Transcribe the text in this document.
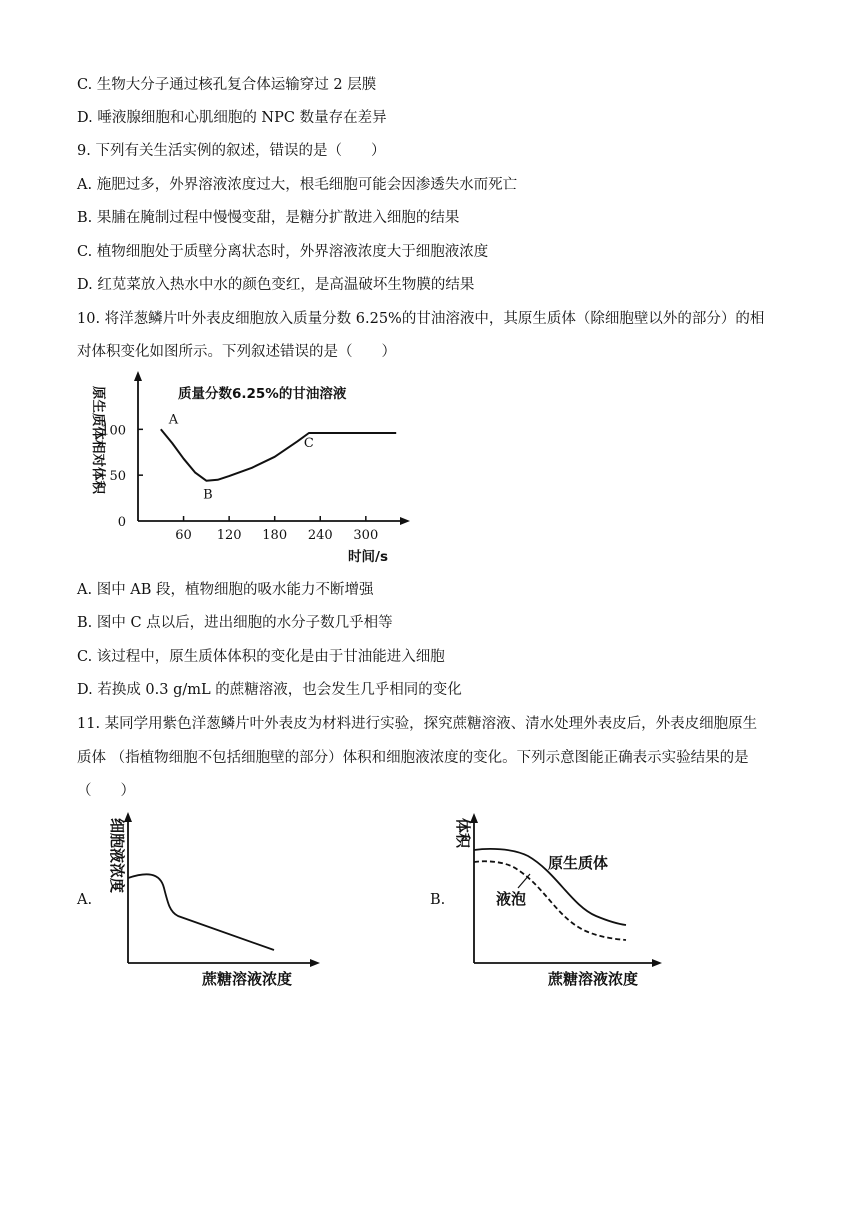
C. 生物大分子通过核孔复合体运输穿过 2 层膜
D. 唾液腺细胞和心肌细胞的 NPC 数量存在差异
9. 下列有关生活实例的叙述，错误的是（　　）
A. 施肥过多，外界溶液浓度过大，根毛细胞可能会因渗透失水而死亡
B. 果脯在腌制过程中慢慢变甜，是糖分扩散进入细胞的结果
C. 植物细胞处于质壁分离状态时，外界溶液浓度大于细胞液浓度
D. 红苋菜放入热水中水的颜色变红，是高温破坏生物膜的结果
10. 将洋葱鳞片叶外表皮细胞放入质量分数 6.25%的甘油溶液中，其原生质体（除细胞壁以外的部分）的相
对体积变化如图所示。下列叙述错误的是（　　）
质量分数6.25%的甘油溶液
原生质体相对体积
0
50
100
60 120 180 240 300
时间/s
A
B
C
A. 图中 AB 段，植物细胞的吸水能力不断增强
B. 图中 C 点以后，进出细胞的水分子数几乎相等
C. 该过程中，原生质体体积的变化是由于甘油能进入细胞
D. 若换成 0.3 g/mL 的蔗糖溶液，也会发生几乎相同的变化
11. 某同学用紫色洋葱鳞片叶外表皮为材料进行实验，探究蔗糖溶液、清水处理外表皮后，外表皮细胞原生
质体 （指植物细胞不包括细胞壁的部分）体积和细胞液浓度的变化。下列示意图能正确表示实验结果的是
（　　）
A.
细胞液浓度
蔗糖溶液浓度
B.
体积
原生质体
液泡
蔗糖溶液浓度
